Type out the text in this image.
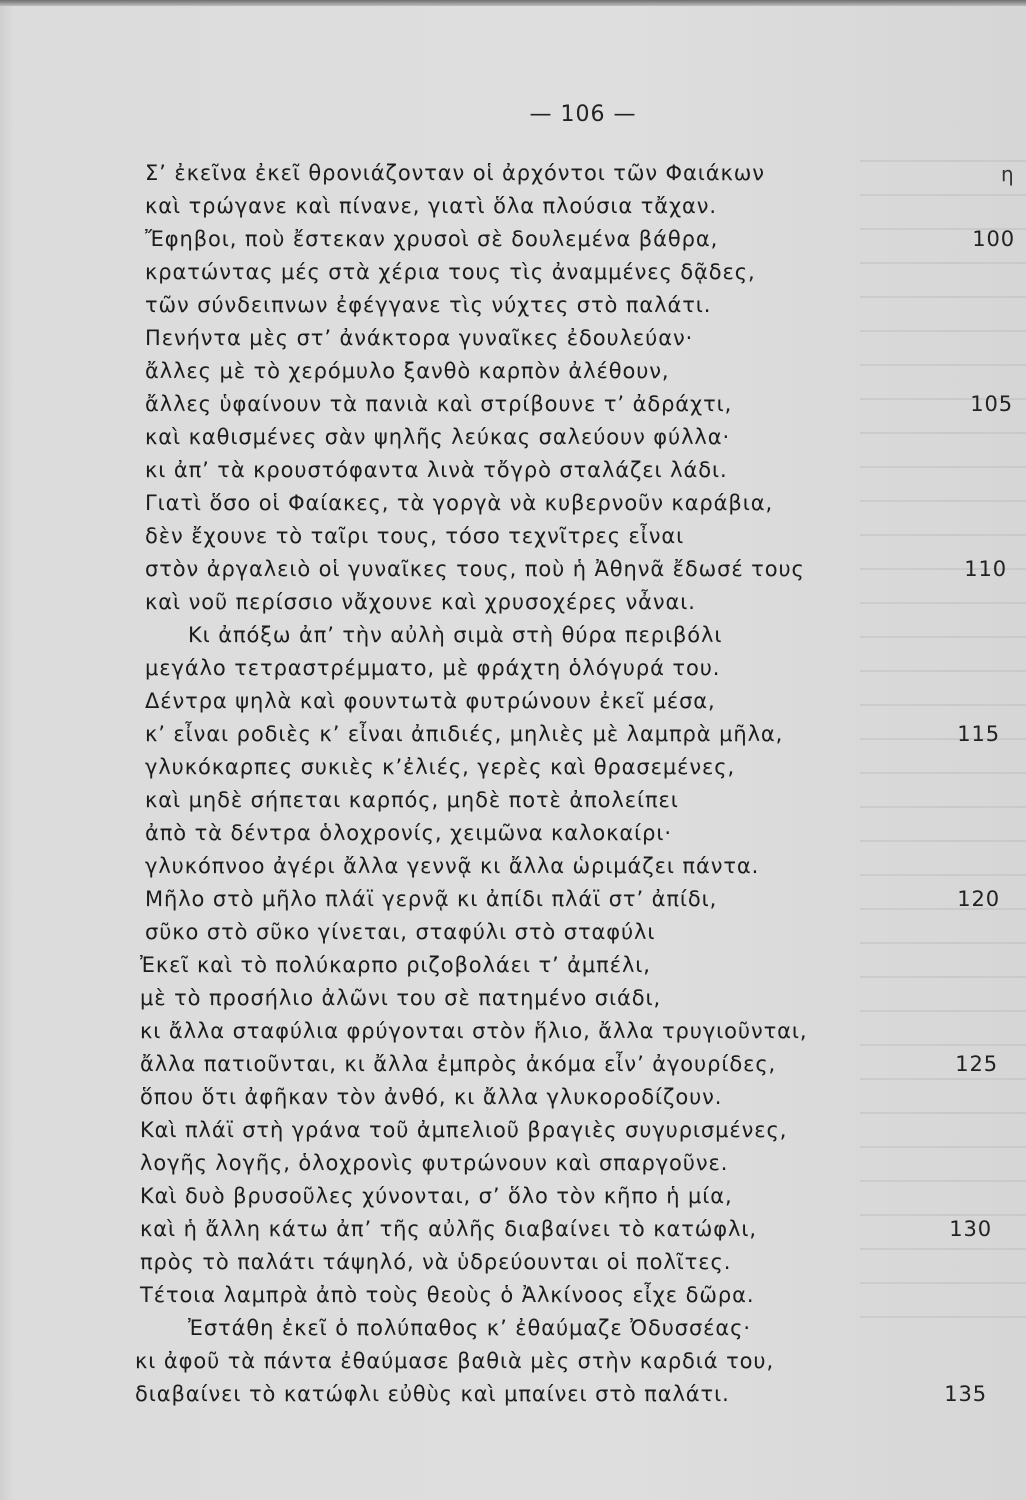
— 106 —
η
Σ’ ἐκεῖνα ἐκεῖ θρονιάζονταν οἱ ἀρχόντοι τῶν Φαιάκων
καὶ τρώγανε καὶ πίνανε, γιατὶ ὅλα πλούσια τἄχαν.
Ἔφηβοι, ποὺ ἔστεκαν χρυσοὶ σὲ δουλεμένα βάθρα,	100
κρατώντας μές στὰ χέρια τους τὶς ἀναμμένες δᾷδες,
τῶν σύνδειπνων ἐφέγγανε τὶς νύχτες στὸ παλάτι.
Πενήντα μὲς στ’ ἀνάκτορα γυναῖκες ἐδουλεύαν·
ἄλλες μὲ τὸ χερόμυλο ξανθὸ καρπὸν ἀλέθουν,
ἄλλες ὑφαίνουν τὰ πανιὰ καὶ στρίβουνε τ’ ἀδράχτι,	105
καὶ καθισμένες σὰν ψηλῆς λεύκας σαλεύουν φύλλα·
κι ἀπ’ τὰ κρουστόφαντα λινὰ τὄγρὸ σταλάζει λάδι.
Γιατὶ ὅσο οἱ Φαίακες, τὰ γοργὰ νὰ κυβερνοῦν καράβια,
δὲν ἔχουνε τὸ ταῖρι τους, τόσο τεχνῖτρες εἶναι
στὸν ἀργαλειὸ οἱ γυναῖκες τους, ποὺ ἡ Ἀθηνᾶ ἔδωσέ τους	110
καὶ νοῦ περίσσιο νἄχουνε καὶ χρυσοχέρες νἆναι.
Κι ἀπόξω ἀπ’ τὴν αὐλὴ σιμὰ στὴ θύρα περιβόλι
μεγάλο τετραστρέμματο, μὲ φράχτη ὁλόγυρά του.
Δέντρα ψηλὰ καὶ φουντωτὰ φυτρώνουν ἐκεῖ μέσα,
κ’ εἶναι ροδιὲς κ’ εἶναι ἀπιδιές, μηλιὲς μὲ λαμπρὰ μῆλα,	115
γλυκόκαρπες συκιὲς κ’ἐλιές, γερὲς καὶ θρασεμένες,
καὶ μηδὲ σήπεται καρπός, μηδὲ ποτὲ ἀπολείπει
ἀπὸ τὰ δέντρα ὁλοχρονίς, χειμῶνα καλοκαίρι·
γλυκόπνοο ἀγέρι ἄλλα γεννᾷ κι ἄλλα ὡριμάζει πάντα.
Μῆλο στὸ μῆλο πλάϊ γερνᾷ κι ἀπίδι πλάϊ στ’ ἀπίδι,	120
σῦκο στὸ σῦκο γίνεται, σταφύλι στὸ σταφύλι
Ἐκεῖ καὶ τὸ πολύκαρπο ριζοβολάει τ’ ἀμπέλι,
μὲ τὸ προσήλιο ἀλῶνι του σὲ πατημένο σιάδι,
κι ἄλλα σταφύλια φρύγονται στὸν ἥλιο, ἄλλα τρυγιοῦνται,
ἄλλα πατιοῦνται, κι ἄλλα ἐμπρὸς ἀκόμα εἶν’ ἀγουρίδες,	125
ὅπου ὅτι ἀφῆκαν τὸν ἀνθό, κι ἄλλα γλυκοροδίζουν.
Καὶ πλάϊ στὴ γράνα τοῦ ἀμπελιοῦ βραγιὲς συγυρισμένες,
λογῆς λογῆς, ὁλοχρονὶς φυτρώνουν καὶ σπαργοῦνε.
Καὶ δυὸ βρυσοῦλες χύνονται, σ’ ὅλο τὸν κῆπο ἡ μία,
καὶ ἡ ἄλλη κάτω ἀπ’ τῆς αὐλῆς διαβαίνει τὸ κατώφλι,	130
πρὸς τὸ παλάτι τάψηλό, νὰ ὑδρεύουνται οἱ πολῖτες.
Τέτοια λαμπρὰ ἀπὸ τοὺς θεοὺς ὁ Ἀλκίνοος εἶχε δῶρα.
Ἐστάθη ἐκεῖ ὁ πολύπαθος κ’ ἐθαύμαζε Ὀδυσσέας·
κι ἀφοῦ τὰ πάντα ἐθαύμασε βαθιὰ μὲς στὴν καρδιά του,
διαβαίνει τὸ κατώφλι εὐθὺς καὶ μπαίνει στὸ παλάτι.	135
